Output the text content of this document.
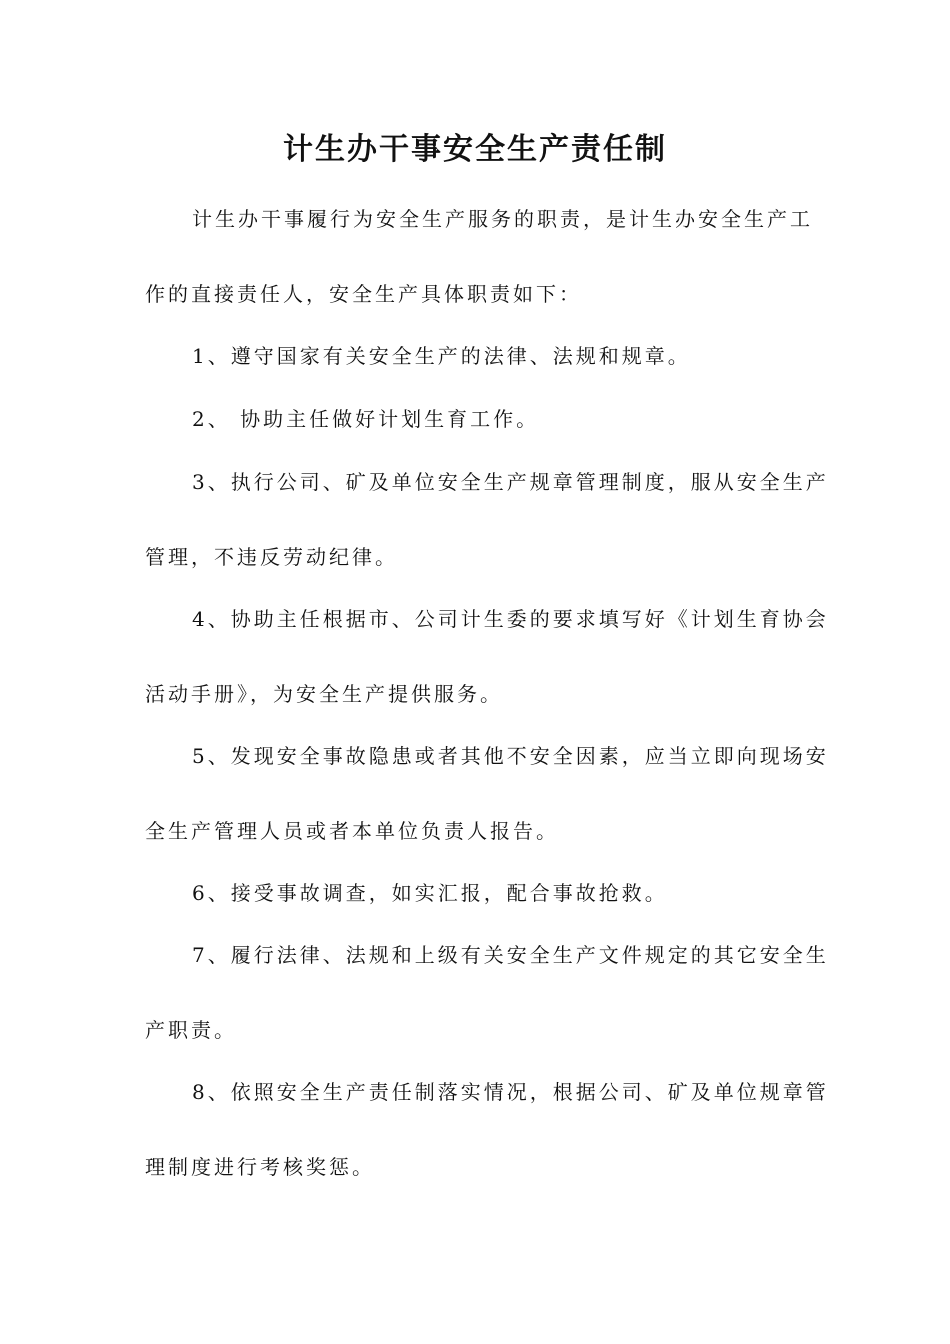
计生办干事安全生产责任制

计生办干事履行为安全生产服务的职责，是计生办安全生产工

作的直接责任人，安全生产具体职责如下：

1、遵守国家有关安全生产的法律、法规和规章。

2、 协助主任做好计划生育工作。

3、执行公司、矿及单位安全生产规章管理制度，服从安全生产

管理，不违反劳动纪律。

4、协助主任根据市、公司计生委的要求填写好《计划生育协会

活动手册》，为安全生产提供服务。

5、发现安全事故隐患或者其他不安全因素，应当立即向现场安

全生产管理人员或者本单位负责人报告。

6、接受事故调查，如实汇报，配合事故抢救。

7、履行法律、法规和上级有关安全生产文件规定的其它安全生

产职责。

8、依照安全生产责任制落实情况，根据公司、矿及单位规章管

理制度进行考核奖惩。
